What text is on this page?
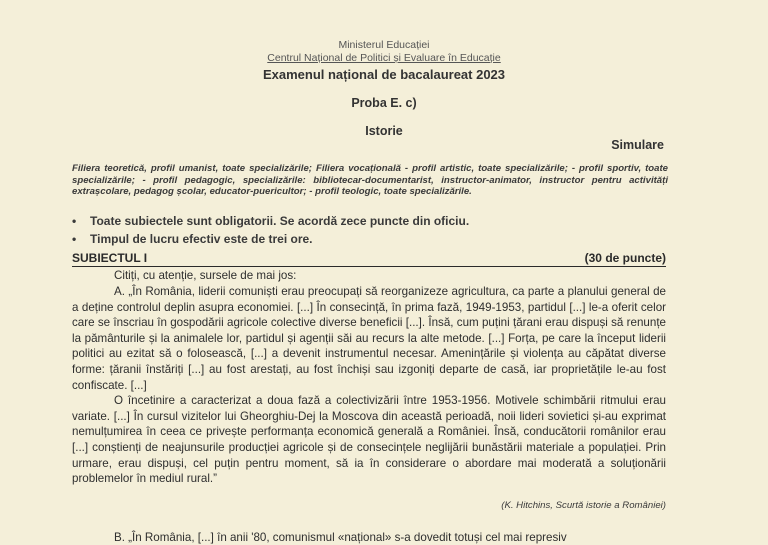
Ministerul Educației
Centrul Național de Politici și Evaluare în Educație
Examenul național de bacalaureat 2023
Proba E. c)
Istorie
Simulare
Filiera teoretică, profil umanist, toate specializările; Filiera vocațională - profil artistic, toate specializările; - profil sportiv, toate specializările; - profil pedagogic, specializările: bibliotecar-documentarist, instructor-animator, instructor pentru activități extrașcolare, pedagog școlar, educator-puericultor; - profil teologic, toate specializările.
•	Toate subiectele sunt obligatorii. Se acordă zece puncte din oficiu.
•	Timpul de lucru efectiv este de trei ore.
SUBIECTUL I	(30 de puncte)

Citiți, cu atenție, sursele de mai jos:

A. „În România, liderii comuniști erau preocupați să reorganizeze agricultura, ca parte a planului general de a deține controlul deplin asupra economiei. [...] În consecință, în prima fază, 1949-1953, partidul [...] le-a oferit celor care se înscriau în gospodării agricole colective diverse beneficii [...]. Însă, cum puțini țărani erau dispuși să renunțe la pământurile și la animalele lor, partidul și agenții săi au recurs la alte metode. [...] Forța, pe care la început liderii politici au ezitat să o folosească, [...] a devenit instrumentul necesar. Amenințările și violența au căpătat diverse forme: țăranii înstăriți [...] au fost arestați, au fost închiși sau izgoniți departe de casă, iar proprietățile le-au fost confiscate. [...]

O încetinire a caracterizat a doua fază a colectivizării între 1953-1956. Motivele schimbării ritmului erau variate. [...] În cursul vizitelor lui Gheorghiu-Dej la Moscova din această perioadă, noii lideri sovietici și-au exprimat nemulțumirea în ceea ce privește performanța economică generală a României. Însă, conducătorii românilor erau [...] conștienți de neajunsurile producției agricole și de consecințele neglijării bunăstării materiale a populației. Prin urmare, erau dispuși, cel puțin pentru moment, să ia în considerare o abordare mai moderată a soluționării problemelor în mediul rural.”

(K. Hitchins, Scurtă istorie a României)
B. „În România, [...] în anii '80, comunismul «național» s-a dovedit totuși cel mai represiv
